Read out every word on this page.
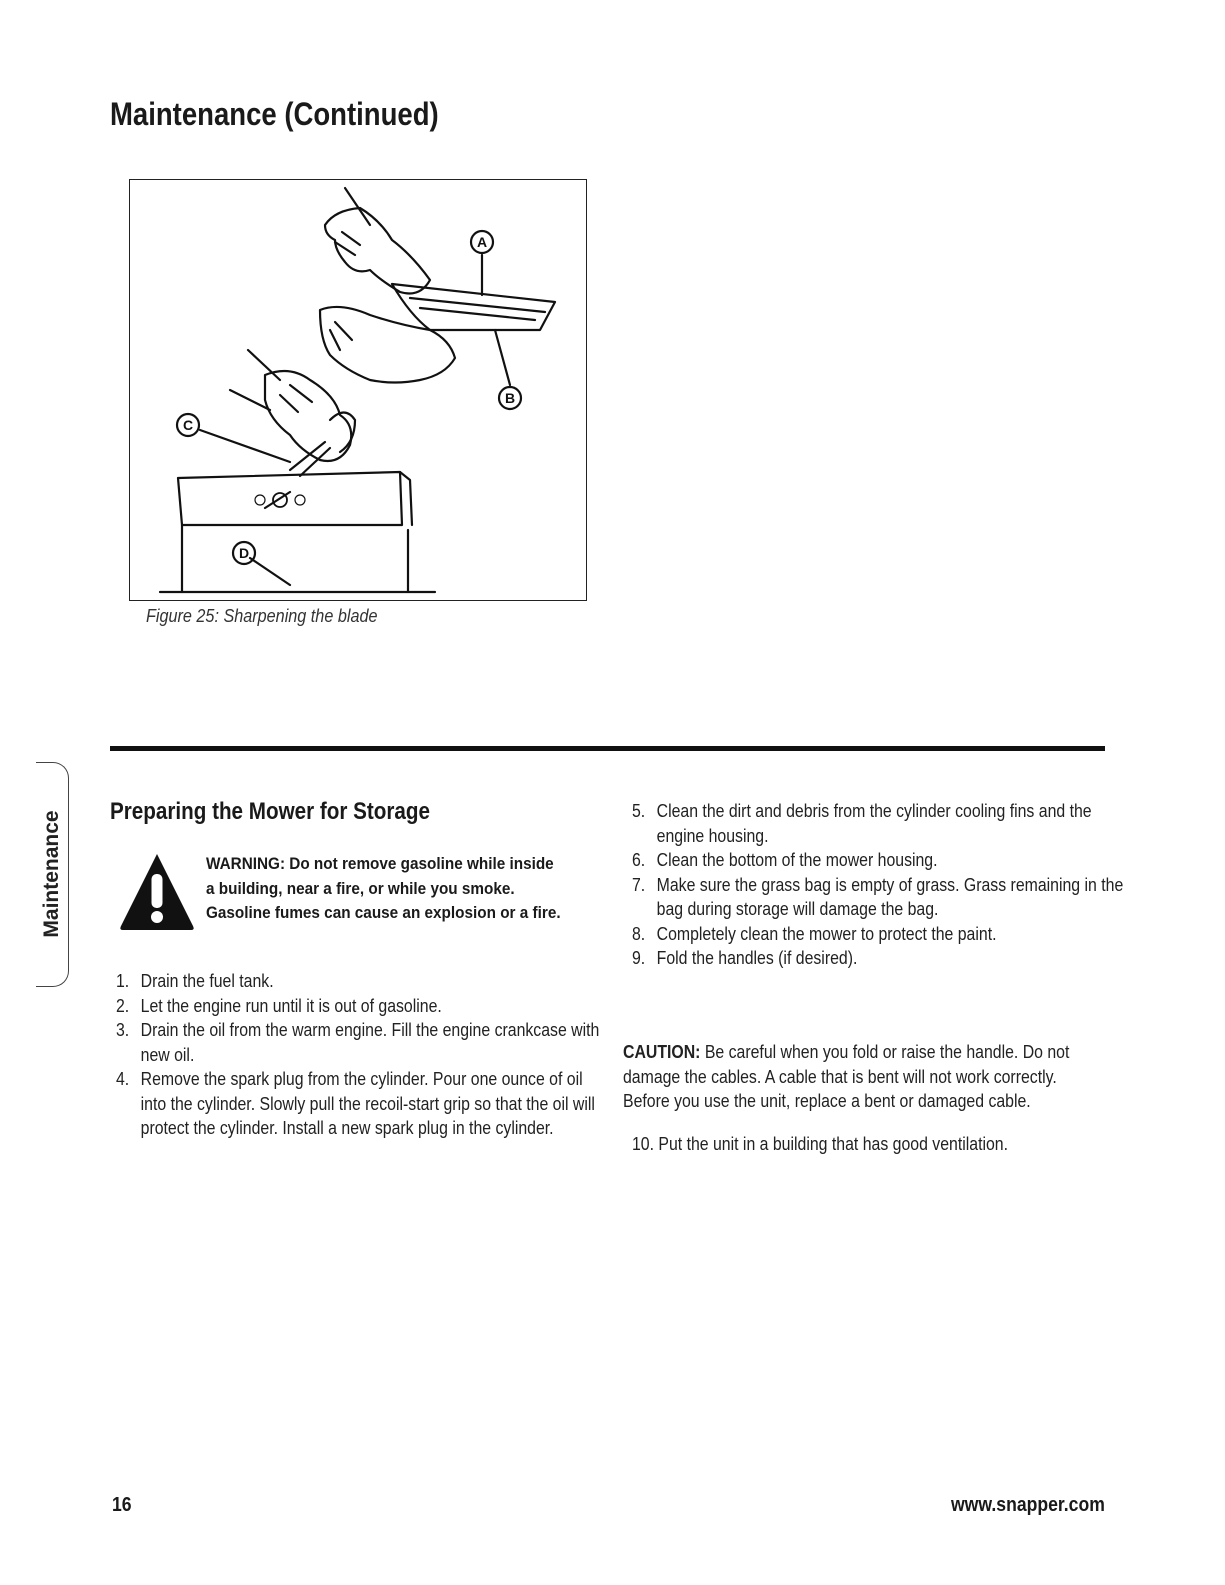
Maintenance (Continued)
A
B
C
D
Figure 25: Sharpening the blade
Maintenance Preparing the Mower for Storage

WARNING: Do not remove gasoline while inside a building, near a fire, or while you smoke. Gasoline fumes can cause an explosion or a fire.

1. Drain the fuel tank.
2. Let the engine run until it is out of gasoline.
3. Drain the oil from the warm engine. Fill the engine crankcase with new oil.
4. Remove the spark plug from the cylinder. Pour one ounce of oil into the cylinder. Slowly pull the recoil-start grip so that the oil will protect the cylinder. Install a new spark plug in the cylinder.
5. Clean the dirt and debris from the cylinder cooling fins and the engine housing.
6. Clean the bottom of the mower housing.
7. Make sure the grass bag is empty of grass. Grass remaining in the bag during storage will damage the bag.
8. Completely clean the mower to protect the paint.
9. Fold the handles (if desired).

CAUTION: Be careful when you fold or raise the handle. Do not damage the cables. A cable that is bent will not work correctly. Before you use the unit, replace a bent or damaged cable.

10. Put the unit in a building that has good ventilation.
16	www.snapper.com
